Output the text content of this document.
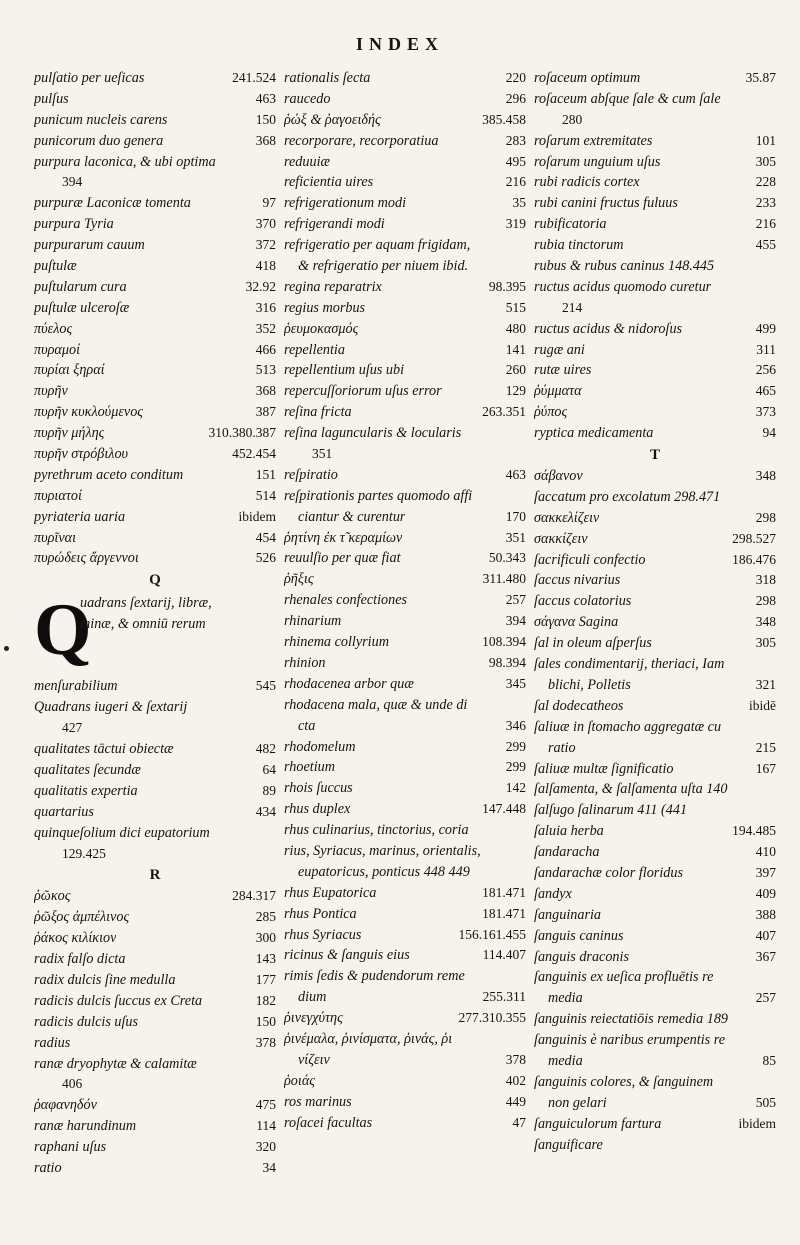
INDEX
pulſatio per ueſicas	241.524
pulſus	463
punicum nucleis carens	150
punicorum duo genera	368
purpura laconica, & ubi optima
394
purpuræ Laconicæ tomenta	97
purpura Tyria	370
purpurarum cauum	372
puſtulæ	418
puſtularum cura	32.92
puſtulæ ulceroſæ	316
πύελος	352
πυραμοί	466
πυρίαι ξηραί	513
πυρῆν	368
πυρῆν κυκλούμενος	387
πυρῆν μήλης	310.380.387
πυρῆν στρόβιλου	452.454
pyrethrum aceto conditum	151
πυριατοί	514
pyriateria uaria	ibidem
πυρῖναι	454
πυρώδεις ἄργεννοι	526
Q
Q
uadrans ſextarij, libræ,
minæ, & omniū rerum
menſurabilium	545
Quadrans iugeri & ſextarij
427
qualitates tāctui obiectæ	482
qualitates ſecundæ	64
qualitatis expertia	89
quartarius	434
quinqueſolium dici eupatorium
129.425
R
ῥῶκος	284.317
ῥῶξος ἀμπέλινος	285
ῥάκος κιλίκιον	300
radix falſo dicta	143
radix dulcis ſine medulla	177
radicis dulcis ſuccus ex Creta	182
radicis dulcis uſus	150
radius	378
ranæ dryophytæ & calamitæ
406
ῥαφανηδόν	475
ranæ harundinum	114
raphani uſus	320
ratio	34
rationalis ſecta	220
raucedo	296
ῥώξ & ῥαγοειδής	385.458
recorporare, recorporatiua	283
reduuiæ	495
reficientia uires	216
refrigerationum modi	35
refrigerandi modi	319
refrigeratio per aquam frigidam,
& refrigeratio per niuem ibid.
regina reparatrix	98.395
regius morbus	515
ῥευμοκασμός	480
repellentia	141
repellentium uſus ubi	260
repercuſſoriorum uſus error	129
reſina fricta	263.351
reſina laguncularis & locularis
351
reſpiratio	463
reſpirationis partes quomodo affi
ciantur & curentur	170
ῥητίνη ἐκ τ̃ κεραμίων	351
reuulſio per quæ fiat	50.343
ῥῆξις	311.480
rhenales confectiones	257
rhinarium	394
rhinema collyrium	108.394
rhinion	98.394
rhodacenea arbor quæ	345
rhodacena mala, quæ & unde di
cta	346
rhodomelum	299
rhoetium	299
rhois ſuccus	142
rhus duplex	147.448
rhus culinarius, tinctorius, coria
rius, Syriacus, marinus, orientalis,
eupatoricus, ponticus 448 449
rhus Eupatorica	181.471
rhus Pontica	181.471
rhus Syriacus	156.161.455
ricinus & ſanguis eius	114.407
rimis ſedis & pudendorum reme
dium	255.311
ῥινεγχύτης	277.310.355
ῥινέμαλα, ῥινίσματα, ῥινάς, ῥι
νίζειν	378
ῥοιάς	402
ros marinus	449
roſacei facultas	47
roſaceum optimum	35.87
roſaceum abſque ſale & cum ſale
280
roſarum extremitates	101
roſarum unguium uſus	305
rubi radicis cortex	228
rubi canini fructus fuluus	233
rubificatoria	216
rubia tinctorum	455
rubus & rubus caninus 148.445
ructus acidus quomodo curetur
214
ructus acidus & nidoroſus	499
rugæ ani	311
rutæ uires	256
ῥύμματα	465
ῥύπος	373
ryptica medicamenta	94
T
σάβανον	348
ſaccatum pro excolatum 298.471
σακκελίζειν	298
σακκίζειν	298.527
ſacrificuli confectio	186.476
ſaccus nivarius	318
ſaccus colatorius	298
σάγανα Sagina	348
ſal in oleum aſperſus	305
ſales condimentarij, theriaci, Iam
blichi, Polletis	321
ſal dodecatheos	ibidē
ſaliuæ in ſtomacho aggregatæ cu
ratio	215
ſaliuæ multæ ſignificatio	167
ſalſamenta, & ſalſamenta uſta 140
ſalſugo ſalinarum 411 (441
ſaluia herba	194.485
ſandaracha	410
ſandarachæ color floridus	397
ſandyx	409
ſanguinaria	388
ſanguis caninus	407
ſanguis draconis	367
ſanguinis ex ueſica profluētis re
media	257
ſanguinis reiectatiōis remedia 189
ſanguinis è naribus erumpentis re
media	85
ſanguinis colores, & ſanguinem
non gelari	505
ſanguiculorum fartura	ibidem
ſanguificare
